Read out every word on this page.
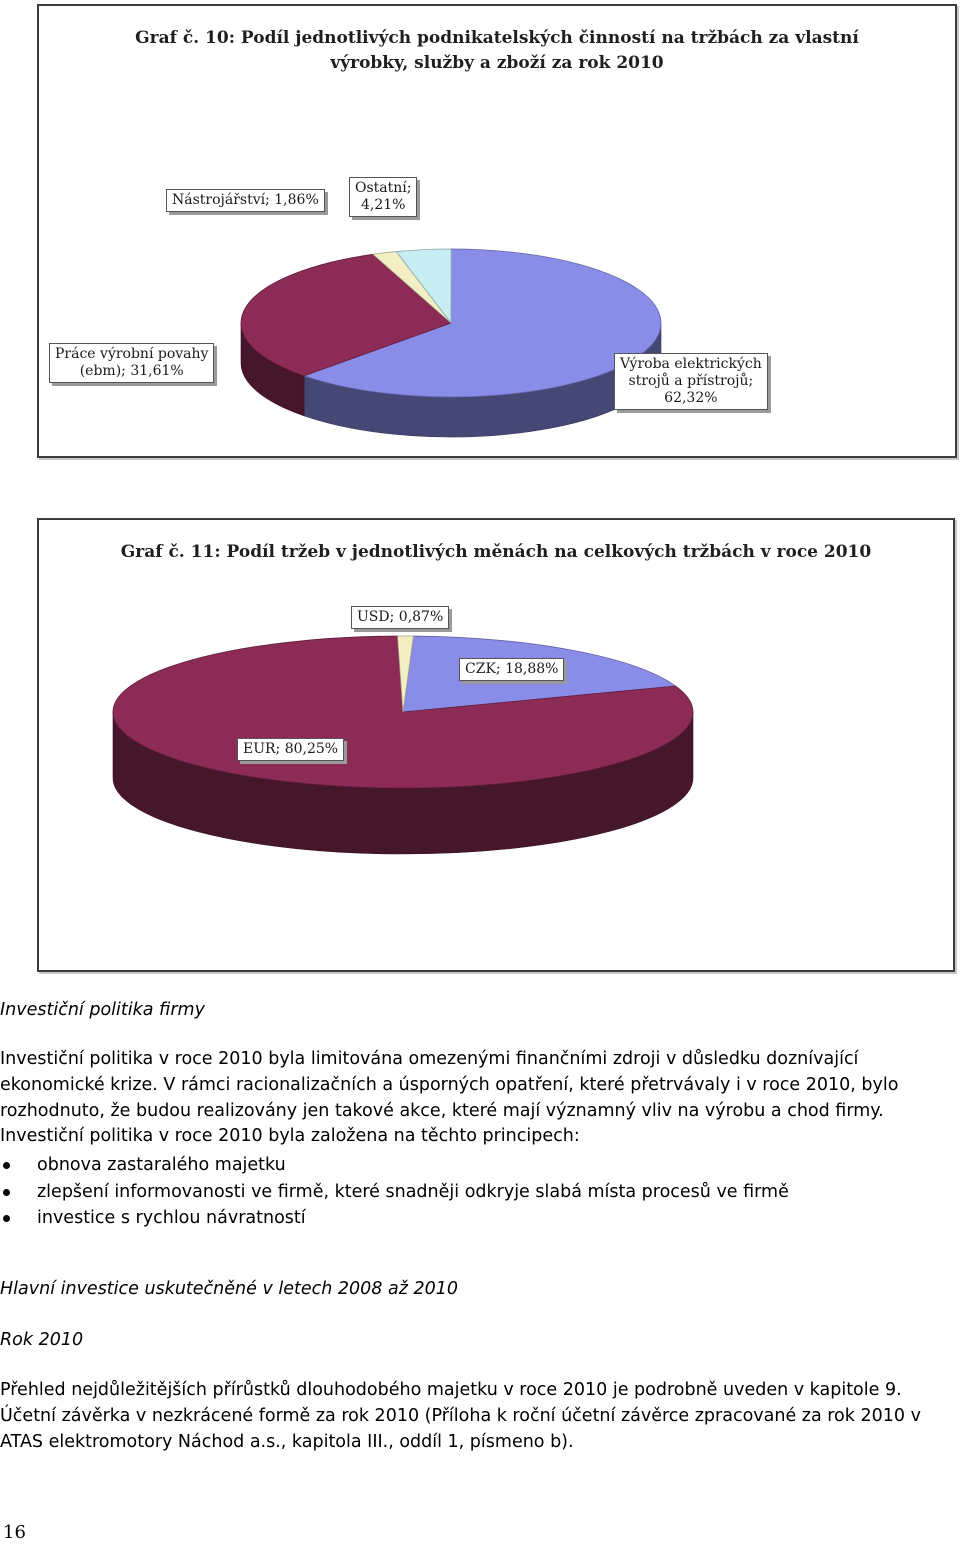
Graf č. 10: Podíl jednotlivých podnikatelských činností na tržbách za vlastní
výrobky, služby a zboží za rok 2010
Nástrojářství; 1,86%
Ostatní;
4,21%
Práce výrobní povahy
(ebm); 31,61%	Výroba elektrických
strojů a přístrojů;
62,32%
Graf č. 11: Podíl tržeb v jednotlivých měnách na celkových tržbách v roce 2010
USD; 0,87%
CZK; 18,88%
EUR; 80,25%
Investiční politika firmy
Investiční politika v roce 2010 byla limitována omezenými finančními zdroji v důsledku doznívající ekonomické krize. V rámci racionalizačních a úsporných opatření, které přetrvávaly i v roce 2010, bylo rozhodnuto, že budou realizovány jen takové akce, které mají významný vliv na výrobu a chod firmy. Investiční politika v roce 2010 byla založena na těchto principech:
obnova zastaralého majetku
zlepšení informovanosti ve firmě, které snadněji odkryje slabá místa procesů ve firmě
investice s rychlou návratností
Hlavní investice uskutečněné v letech 2008 až 2010
Rok 2010
Přehled nejdůležitějších přírůstků dlouhodobého majetku v roce 2010 je podrobně uveden v kapitole 9. Účetní závěrka v nezkrácené formě za rok 2010 (Příloha k roční účetní závěrce zpracované za rok 2010 v ATAS elektromotory Náchod a.s., kapitola III., oddíl 1, písmeno b).
16
